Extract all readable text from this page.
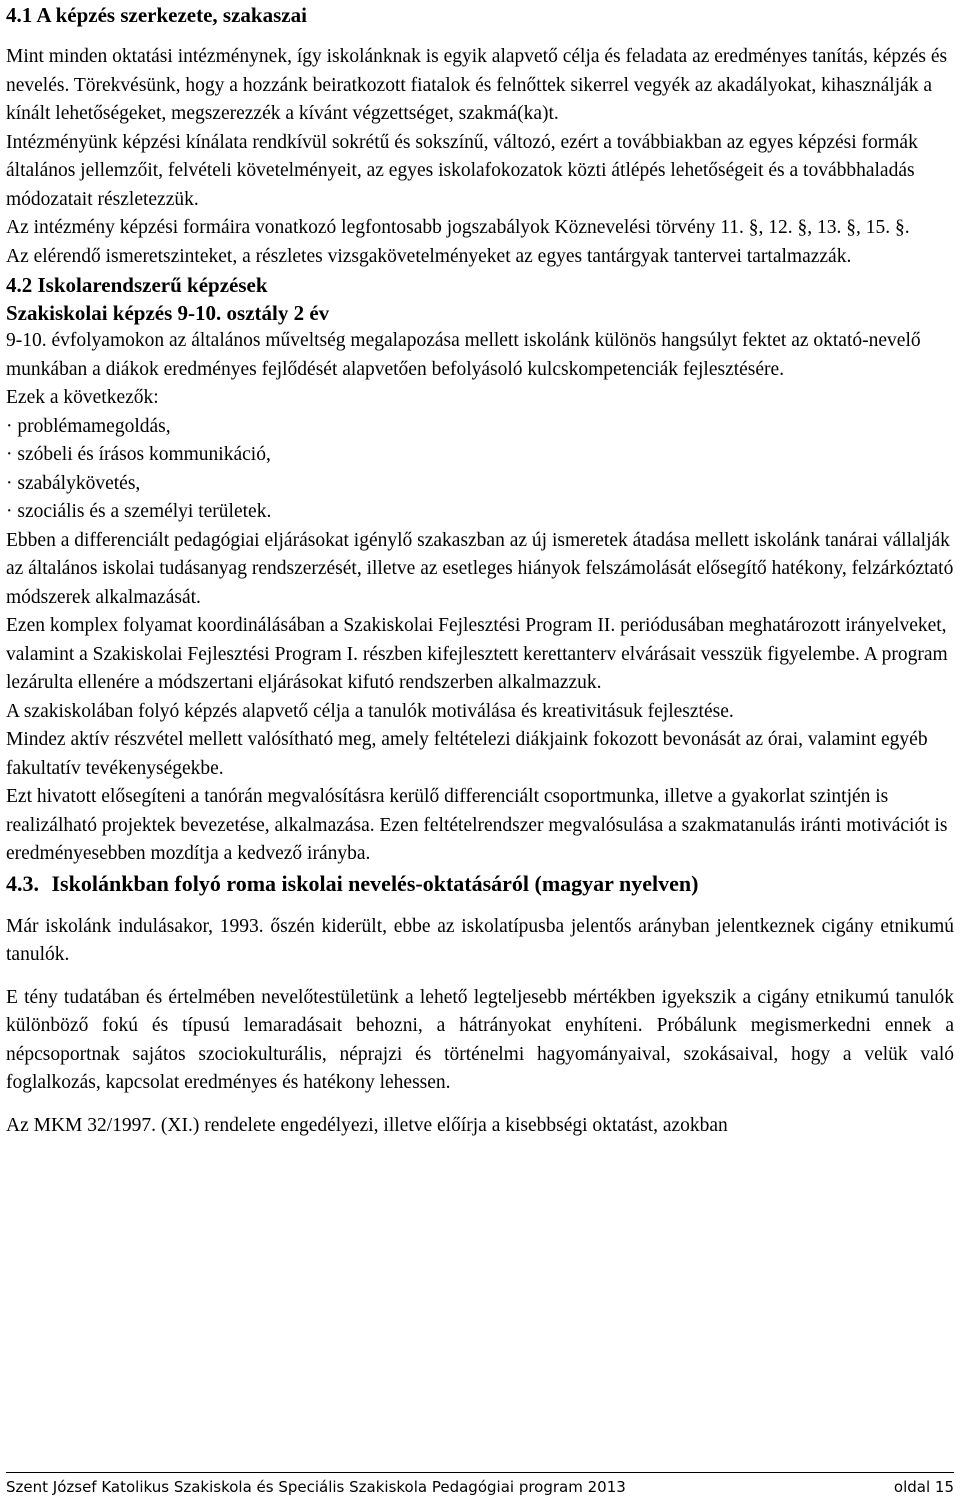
4.1 A képzés szerkezete, szakaszai

Mint minden oktatási intézménynek, így iskolánknak is egyik alapvető célja és feladata az eredményes tanítás, képzés és nevelés. Törekvésünk, hogy a hozzánk beiratkozott fiatalok és felnőttek sikerrel vegyék az akadályokat, kihasználják a kínált lehetőségeket, megszerezzék a kívánt végzettséget, szakmá(ka)t.

Intézményünk képzési kínálata rendkívül sokrétű és sokszínű, változó, ezért a továbbiakban az egyes képzési formák általános jellemzőit, felvételi követelményeit, az egyes iskolafokozatok közti átlépés lehetőségeit és a továbbhaladás módozatait részletezzük.

Az intézmény képzési formáira vonatkozó legfontosabb jogszabályok Köznevelési törvény 11. §, 12. §, 13. §, 15. §.

Az elérendő ismeretszinteket, a részletes vizsgakövetelményeket az egyes tantárgyak tantervei tartalmazzák.

4.2 Iskolarendszerű képzések
Szakiskolai képzés 9-10. osztály 2 év

9-10. évfolyamokon az általános műveltség megalapozása mellett iskolánk különös hangsúlyt fektet az oktató-nevelő munkában a diákok eredményes fejlődését alapvetően befolyásoló kulcskompetenciák fejlesztésére.

Ezek a következők:

· problémamegoldás,
· szóbeli és írásos kommunikáció,
· szabálykövetés,
· szociális és a személyi területek.

Ebben a differenciált pedagógiai eljárásokat igénylő szakaszban az új ismeretek átadása mellett iskolánk tanárai vállalják az általános iskolai tudásanyag rendszerzését, illetve az esetleges hiányok felszámolását elősegítő hatékony, felzárkóztató módszerek alkalmazását.

Ezen komplex folyamat koordinálásában a Szakiskolai Fejlesztési Program II. periódusában meghatározott irányelveket, valamint a Szakiskolai Fejlesztési Program I. részben kifejlesztett kerettanterv elvárásait vesszük figyelembe. A program lezárulta ellenére a módszertani eljárásokat kifutó rendszerben alkalmazzuk.

A szakiskolában folyó képzés alapvető célja a tanulók motiválása és kreativitásuk fejlesztése.

Mindez aktív részvétel mellett valósítható meg, amely feltételezi diákjaink fokozott bevonását az órai, valamint egyéb fakultatív tevékenységekbe.

Ezt hivatott elősegíteni a tanórán megvalósításra kerülő differenciált csoportmunka, illetve a gyakorlat szintjén is realizálható projektek bevezetése, alkalmazása. Ezen feltételrendszer megvalósulása a szakmatanulás iránti motivációt is eredményesebben mozdítja a kedvező irányba.

4.3. Iskolánkban folyó roma iskolai nevelés-oktatásáról (magyar nyelven)

Már iskolánk indulásakor, 1993. őszén kiderült, ebbe az iskolatípusba jelentős arányban jelentkeznek cigány etnikumú tanulók.

E tény tudatában és értelmében nevelőtestületünk a lehető legteljesebb mértékben igyekszik a cigány etnikumú tanulók különböző fokú és típusú lemaradásait behozni, a hátrányokat enyhíteni. Próbálunk megismerkedni ennek a népcsoportnak sajátos szociokulturális, néprajzi és történelmi hagyományaival, szokásaival, hogy a velük való foglalkozás, kapcsolat eredményes és hatékony lehessen.

Az MKM 32/1997. (XI.) rendelete engedélyezi, illetve előírja a kisebbségi oktatást, azokban

Szent József Katolikus Szakiskola és Speciális Szakiskola Pedagógiai program 2013	oldal 15
